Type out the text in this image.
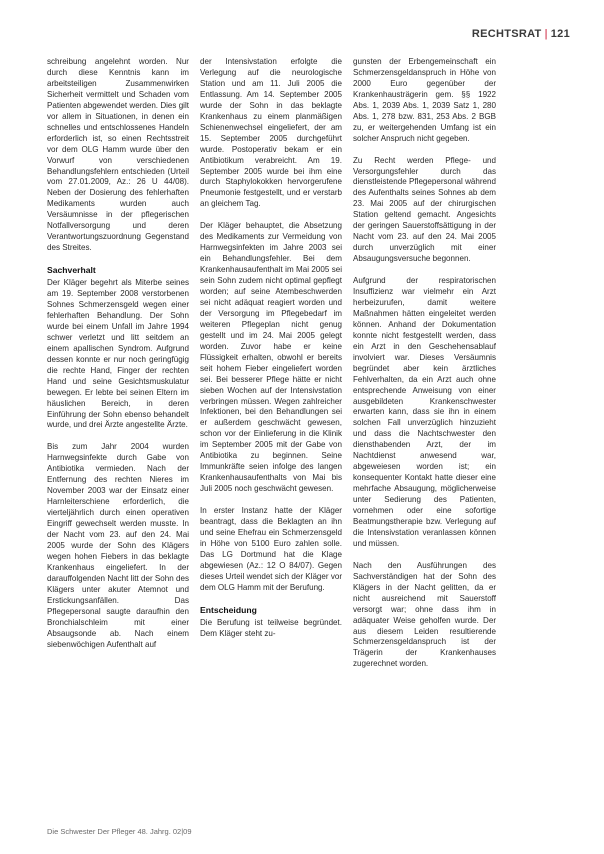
RECHTSRAT | 121

schreibung angelehnt worden. Nur durch diese Kenntnis kann im arbeitsteiligen Zusammenwirken Sicherheit vermittelt und Schaden vom Patienten abgewendet werden. Dies gilt vor allem in Situationen, in denen ein schnelles und entschlossenes Handeln erforderlich ist, so einen Rechtsstreit vor dem OLG Hamm wurde über den Vorwurf von verschiedenen Behandlungsfehlern entschieden (Urteil vom 27.01.2009, Az.: 26 U 44/08). Neben der Dosierung des fehlerhaften Medikaments wurden auch Versäumnisse in der pflegerischen Notfallversorgung und deren Verantwortungszuordnung Gegenstand des Streites.

Sachverhalt

Der Kläger begehrt als Miterbe seines am 19. September 2008 verstorbenen Sohnes Schmerzensgeld wegen einer fehlerhaften Behandlung. Der Sohn wurde bei einem Unfall im Jahre 1994 schwer verletzt und litt seitdem an einem apallischen Syndrom. Aufgrund dessen konnte er nur noch geringfügig die rechte Hand, Finger der rechten Hand und seine Gesichtsmuskulatur bewegen. Er lebte bei seinen Eltern im häuslichen Bereich, in deren Einführung der Sohn ebenso behandelt wurde, und drei Ärzte angestellte Ärzte.

Bis zum Jahr 2004 wurden Harnwegsinfekte durch Gabe von Antibiotika vermieden. Nach der Entfernung des rechten Nieres im November 2003 war der Einsatz einer Harnleiterschiene erforderlich, die vierteljährlich durch einen operativen Eingriff gewechselt werden musste. In der Nacht vom 23. auf den 24. Mai 2005 wurde der Sohn des Klägers wegen hohen Fiebers in das beklagte Krankenhaus eingeliefert. In der darauffolgenden Nacht litt der Sohn des Klägers unter akuter Atemnot und Erstickungsanfällen. Das Pflegepersonal saugte daraufhin den Bronchialschleim mit einer Absaugsonde ab. Nach einem siebenwöchigen Aufenthalt auf

der Intensivstation erfolgte die Verlegung auf die neurologische Station und am 11. Juli 2005 die Entlassung. Am 14. September 2005 wurde der Sohn in das beklagte Krankenhaus zu einem planmäßigen Schienenwechsel eingeliefert, der am 15. September 2005 durchgeführt wurde. Postoperativ bekam er ein Antibiotikum verabreicht. Am 19. September 2005 wurde bei ihm eine durch Staphylokokken hervorgerufene Pneumonie festgestellt, und er verstarb an gleichem Tag.

Der Kläger behauptet, die Absetzung des Medikaments zur Vermeidung von Harnwegsinfekten im Jahre 2003 sei ein Behandlungsfehler. Bei dem Krankenhausaufenthalt im Mai 2005 sei sein Sohn zudem nicht optimal gepflegt worden; auf seine Atembeschwerden sei nicht adäquat reagiert worden und der Versorgung im Pflegebedarf im weiteren Pflegeplan nicht genug gestellt und im 24. Mai 2005 gelegt worden. Zuvor habe er keine Flüssigkeit erhalten, obwohl er bereits seit hohem Fieber eingeliefert worden sei. Bei besserer Pflege hätte er nicht sieben Wochen auf der Intensivstation verbringen müssen. Wegen zahlreicher Infektionen, bei den Behandlungen sei er außerdem geschwächt gewesen, schon vor der Einlieferung in die Klinik im September 2005 mit der Gabe von Antibiotika zu beginnen. Seine Immunkräfte seien infolge des langen Krankenhausaufenthalts von Mai bis Juli 2005 noch geschwächt gewesen.

In erster Instanz hatte der Kläger beantragt, dass die Beklagten an ihn und seine Ehefrau ein Schmerzensgeld in Höhe von 5100 Euro zahlen solle. Das LG Dortmund hat die Klage abgewiesen (Az.: 12 O 84/07). Gegen dieses Urteil wendet sich der Kläger vor dem OLG Hamm mit der Berufung.

Entscheidung

Die Berufung ist teilweise begründet. Dem Kläger steht zu-

gunsten der Erbengemeinschaft ein Schmerzensgeldanspruch in Höhe von 2000 Euro gegenüber der Krankenhausträgerin gem. §§ 1922 Abs. 1, 2039 Abs. 1, 2039 Satz 1, 280 Abs. 1, 278 bzw. 831, 253 Abs. 2 BGB zu, er weitergehenden Umfang ist ein solcher Anspruch nicht gegeben.

Zu Recht werden Pflege- und Versorgungsfehler durch das dienstleistende Pflegepersonal während des Aufenthalts seines Sohnes ab dem 23. Mai 2005 auf der chirurgischen Station geltend gemacht. Angesichts der geringen Sauerstoffsättigung in der Nacht vom 23. auf den 24. Mai 2005 durch unverzüglich mit einer Absaugungsversuche begonnen.

Aufgrund der respiratorischen Insuffizienz war vielmehr ein Arzt herbeizurufen, damit weitere Maßnahmen hätten eingeleitet werden können. Anhand der Dokumentation konnte nicht festgestellt werden, dass ein Arzt in den Geschehensablauf involviert war. Dieses Versäumnis begründet aber kein ärztliches Fehlverhalten, da ein Arzt auch ohne entsprechende Anweisung von einer ausgebildeten Krankenschwester erwarten kann, dass sie ihn in einem solchen Fall unverzüglich hinzuzieht und dass die Nachtschwester den diensthabenden Arzt, der im Nachtdienst anwesend war, abgeweiesen worden ist; ein konsequenter Kontakt hatte dieser eine mehrfache Absaugung, möglicherweise unter Sedierung des Patienten, vornehmen oder eine sofortige Beatmungstherapie bzw. Verlegung auf die Intensivstation veranlassen können und müssen.

Nach den Ausführungen des Sachverständigen hat der Sohn des Klägers in der Nacht gelitten, da er nicht ausreichend mit Sauerstoff versorgt war; ohne dass ihm in adäquater Weise geholfen wurde. Der aus diesem Leiden resultierende Schmerzensgeldanspruch ist der Trägerin der Krankenhauses zugerechnet worden.

Die Schwester Der Pfleger 48. Jahrg. 02|09
